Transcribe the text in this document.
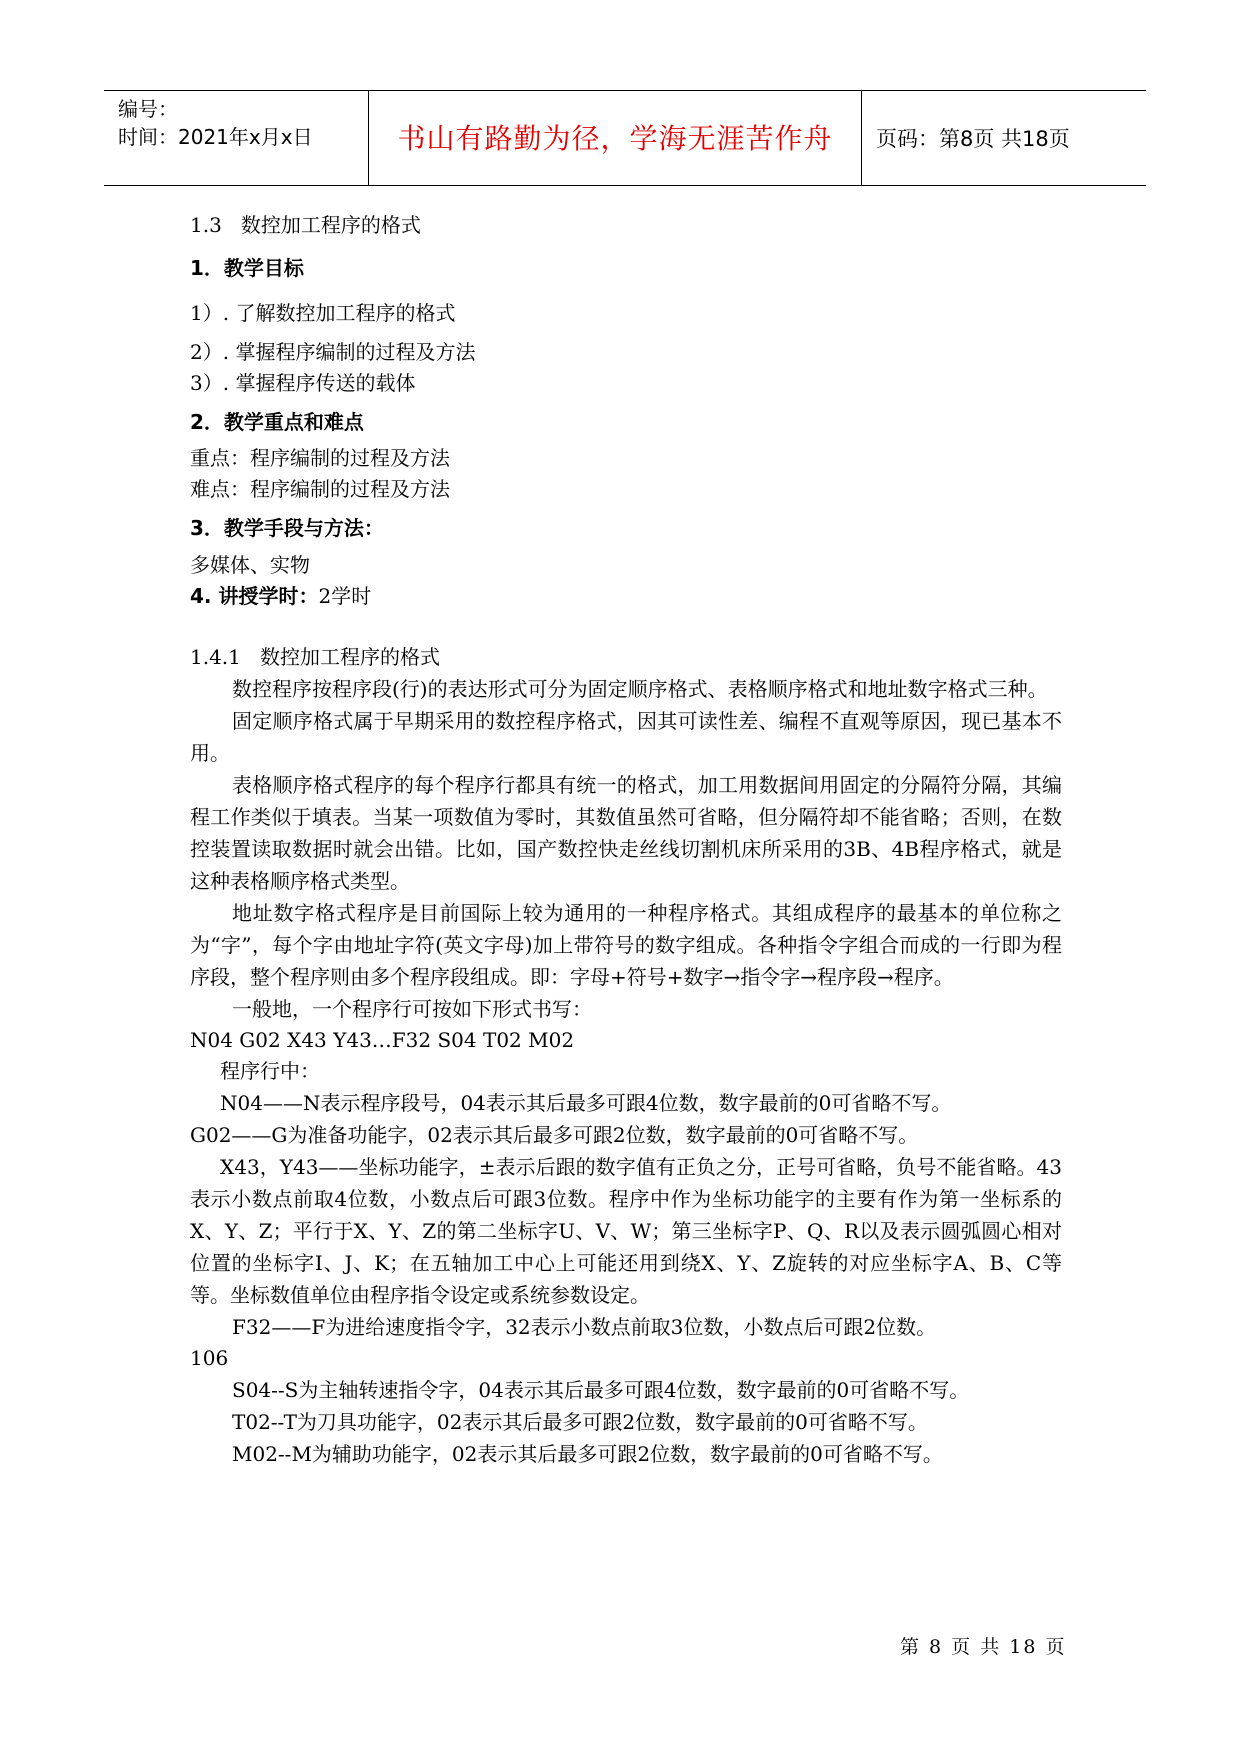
编号：
时间：2021年x月x日	书山有路勤为径，学海无涯苦作舟	页码：第8页 共18页
1.3   数控加工程序的格式
1．教学目标
1）. 了解数控加工程序的格式
2）. 掌握程序编制的过程及方法
3）. 掌握程序传送的载体
2．教学重点和难点
重点：程序编制的过程及方法
难点：程序编制的过程及方法
3．教学手段与方法：
多媒体、实物
4. 讲授学时：2学时
1.4.1   数控加工程序的格式
数控程序按程序段(行)的表达形式可分为固定顺序格式、表格顺序格式和地址数字格式三种。
固定顺序格式属于早期采用的数控程序格式，因其可读性差、编程不直观等原因，现已基本不用。
表格顺序格式程序的每个程序行都具有统一的格式，加工用数据间用固定的分隔符分隔，其编程工作类似于填表。当某一项数值为零时，其数值虽然可省略，但分隔符却不能省略；否则，在数控装置读取数据时就会出错。比如，国产数控快走丝线切割机床所采用的3B、4B程序格式，就是这种表格顺序格式类型。
地址数字格式程序是目前国际上较为通用的一种程序格式。其组成程序的最基本的单位称之为“字”，每个字由地址字符(英文字母)加上带符号的数字组成。各种指令字组合而成的一行即为程序段，整个程序则由多个程序段组成。即：字母+符号+数字→指令字→程序段→程序。
一般地，一个程序行可按如下形式书写：
N04 G02 X43 Y43…F32 S04 T02 M02
程序行中：
N04——N表示程序段号，04表示其后最多可跟4位数，数字最前的0可省略不写。
G02——G为准备功能字，02表示其后最多可跟2位数，数字最前的0可省略不写。
X43，Y43——坐标功能字，±表示后跟的数字值有正负之分，正号可省略，负号不能省略。43表示小数点前取4位数，小数点后可跟3位数。程序中作为坐标功能字的主要有作为第一坐标系的X、Y、Z；平行于X、Y、Z的第二坐标字U、V、W；第三坐标字P、Q、R以及表示圆弧圆心相对位置的坐标字I、J、K；在五轴加工中心上可能还用到绕X、Y、Z旋转的对应坐标字A、B、C等等。坐标数值单位由程序指令设定或系统参数设定。
F32——F为进给速度指令字，32表示小数点前取3位数，小数点后可跟2位数。
106
S04--S为主轴转速指令字，04表示其后最多可跟4位数，数字最前的0可省略不写。
T02--T为刀具功能字，02表示其后最多可跟2位数，数字最前的0可省略不写。
M02--M为辅助功能字，02表示其后最多可跟2位数，数字最前的0可省略不写。
第 8 页 共 18 页
